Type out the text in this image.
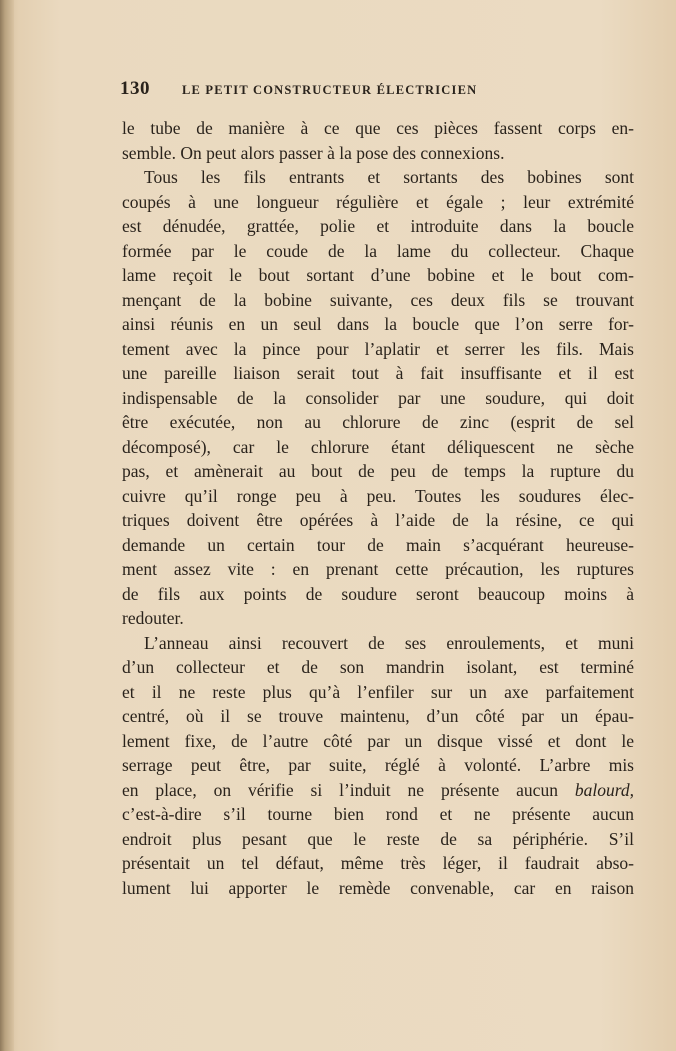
130	LE PETIT CONSTRUCTEUR ÉLECTRICIEN
le tube de manière à ce que ces pièces fassent corps en-
semble. On peut alors passer à la pose des connexions.
Tous les fils entrants et sortants des bobines sont
coupés à une longueur régulière et égale ; leur extrémité
est dénudée, grattée, polie et introduite dans la boucle
formée par le coude de la lame du collecteur. Chaque
lame reçoit le bout sortant d’une bobine et le bout com-
mençant de la bobine suivante, ces deux fils se trouvant
ainsi réunis en un seul dans la boucle que l’on serre for-
tement avec la pince pour l’aplatir et serrer les fils. Mais
une pareille liaison serait tout à fait insuffisante et il est
indispensable de la consolider par une soudure, qui doit
être exécutée, non au chlorure de zinc (esprit de sel
décomposé), car le chlorure étant déliquescent ne sèche
pas, et amènerait au bout de peu de temps la rupture du
cuivre qu’il ronge peu à peu. Toutes les soudures élec-
triques doivent être opérées à l’aide de la résine, ce qui
demande un certain tour de main s’acquérant heureuse-
ment assez vite : en prenant cette précaution, les ruptures
de fils aux points de soudure seront beaucoup moins à
redouter.
L’anneau ainsi recouvert de ses enroulements, et muni
d’un collecteur et de son mandrin isolant, est terminé
et il ne reste plus qu’à l’enfiler sur un axe parfaitement
centré, où il se trouve maintenu, d’un côté par un épau-
lement fixe, de l’autre côté par un disque vissé et dont le
serrage peut être, par suite, réglé à volonté. L’arbre mis
en place, on vérifie si l’induit ne présente aucun balourd,
c’est-à-dire s’il tourne bien rond et ne présente aucun
endroit plus pesant que le reste de sa périphérie. S’il
présentait un tel défaut, même très léger, il faudrait abso-
lument lui apporter le remède convenable, car en raison
